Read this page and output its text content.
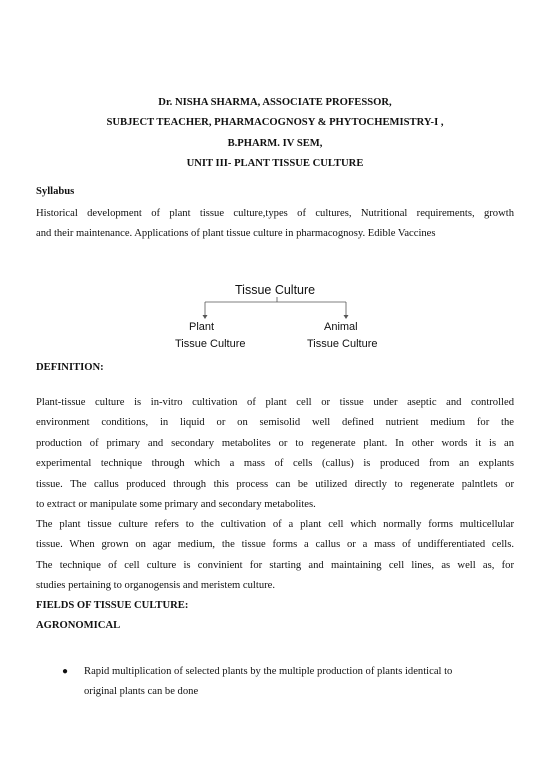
Dr. NISHA SHARMA, ASSOCIATE PROFESSOR,
SUBJECT TEACHER, PHARMACOGNOSY & PHYTOCHEMISTRY-I ,
B.PHARM. IV SEM,
UNIT III- PLANT TISSUE CULTURE
Syllabus

Historical development of plant tissue culture,types of cultures, Nutritional requirements, growth

and their maintenance. Applications of plant tissue culture in pharmacognosy. Edible Vaccines

Tissue Culture
Plant
Tissue Culture
Animal
Tissue Culture
DEFINITION:

Plant-tissue culture is in-vitro cultivation of plant cell or tissue under aseptic and controlled

environment conditions, in liquid or on semisolid well defined nutrient medium for the

production of primary and secondary metabolites or to regenerate plant. In other words it is an

experimental technique through which a mass of cells (callus) is produced from an explants

tissue. The callus produced through this process can be utilized directly to regenerate palntlets or

to extract or manipulate some primary and secondary metabolites.

The plant tissue culture refers to the cultivation of a plant cell which normally forms multicellular

tissue. When grown on agar medium, the tissue forms a callus or a mass of undifferentiated cells.

The technique of cell culture is convinient for starting and maintaining cell lines, as well as, for

studies pertaining to organogensis and meristem culture.

FIELDS OF TISSUE CULTURE:
AGRONOMICAL
● Rapid multiplication of selected plants by the multiple production of plants identical to
original plants can be done
